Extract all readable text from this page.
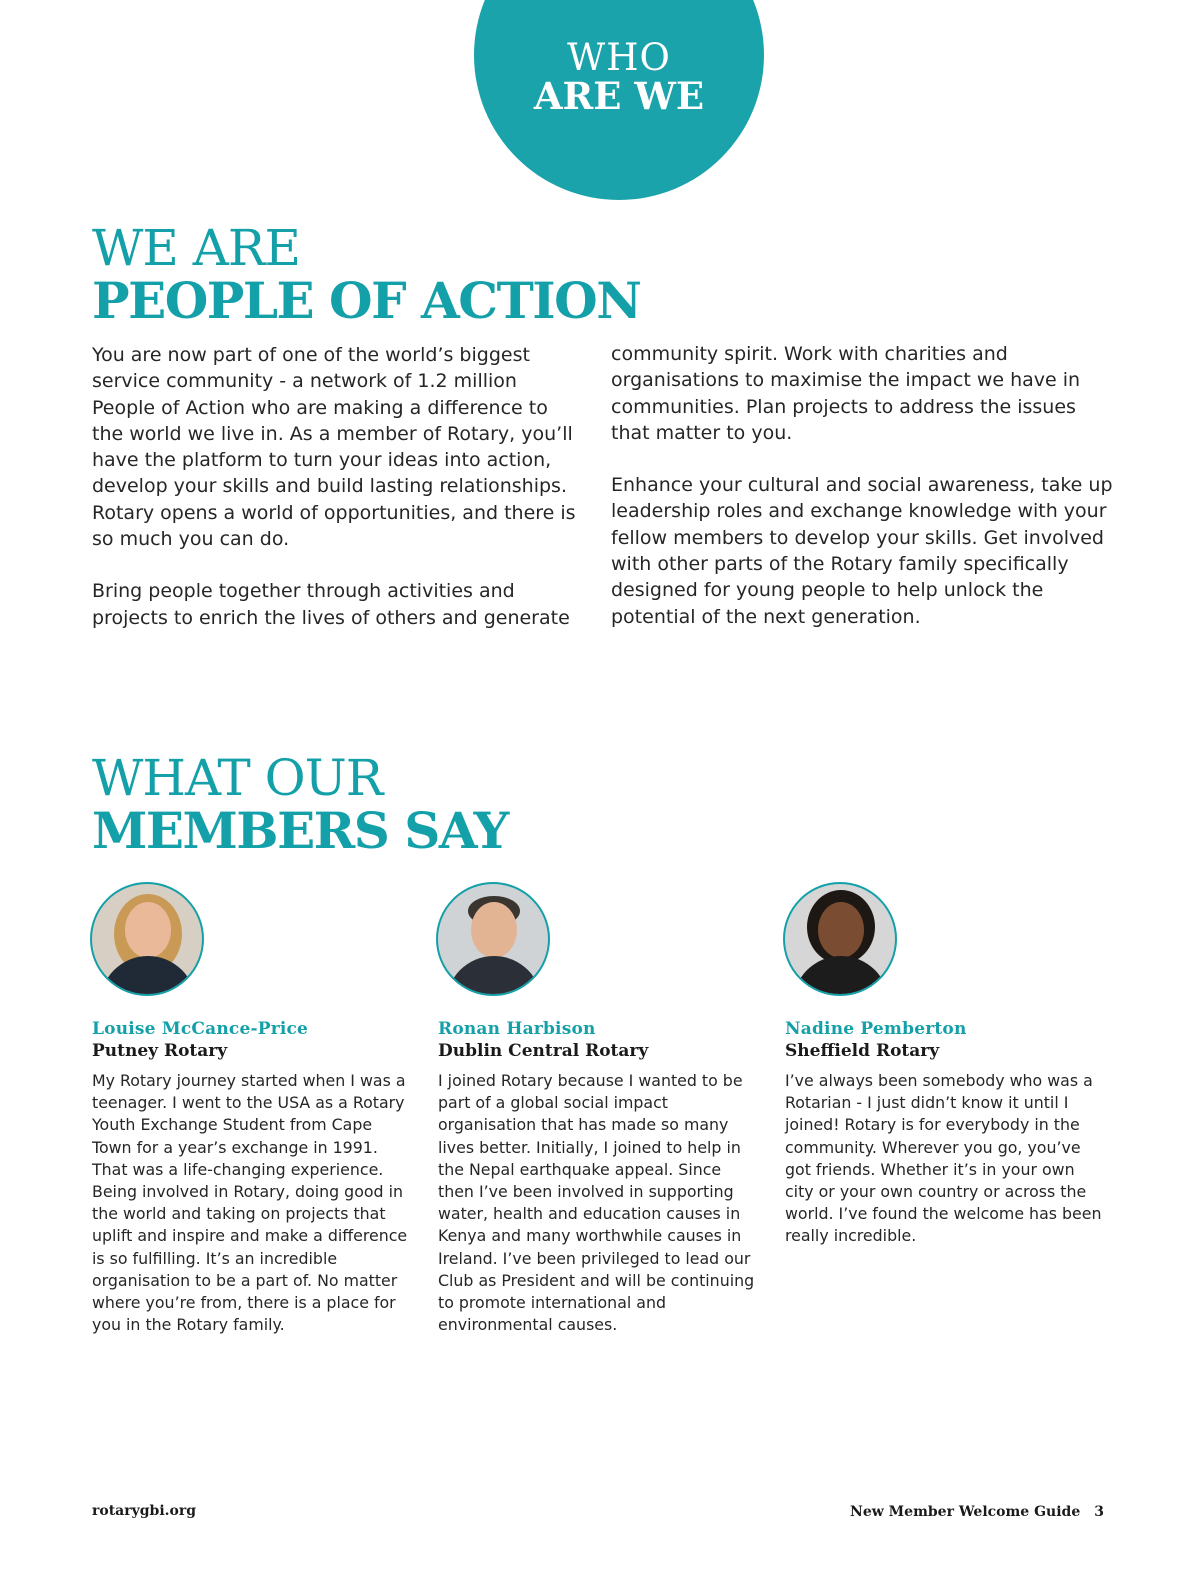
WHO
ARE WE
WE ARE
PEOPLE OF ACTION

You are now part of one of the world’s biggest service community - a network of 1.2 million People of Action who are making a difference to the world we live in. As a member of Rotary, you’ll have the platform to turn your ideas into action, develop your skills and build lasting relationships. Rotary opens a world of opportunities, and there is so much you can do.

Bring people together through activities and projects to enrich the lives of others and generate

community spirit. Work with charities and organisations to maximise the impact we have in communities. Plan projects to address the issues that matter to you.

Enhance your cultural and social awareness, take up leadership roles and exchange knowledge with your fellow members to develop your skills. Get involved with other parts of the Rotary family specifically designed for young people to help unlock the potential of the next generation.

WHAT OUR
MEMBERS SAY
Louise McCance-Price
Putney Rotary
My Rotary journey started when I was a teenager. I went to the USA as a Rotary Youth Exchange Student from Cape Town for a year’s exchange in 1991. That was a life-changing experience. Being involved in Rotary, doing good in the world and taking on projects that uplift and inspire and make a difference is so fulfilling. It’s an incredible organisation to be a part of. No matter where you’re from, there is a place for you in the Rotary family.
Ronan Harbison
Dublin Central Rotary
I joined Rotary because I wanted to be part of a global social impact organisation that has made so many lives better. Initially, I joined to help in the Nepal earthquake appeal. Since then I’ve been involved in supporting water, health and education causes in Kenya and many worthwhile causes in Ireland. I’ve been privileged to lead our Club as President and will be continuing to promote international and environmental causes.
Nadine Pemberton
Sheffield Rotary
I’ve always been somebody who was a Rotarian - I just didn’t know it until I joined! Rotary is for everybody in the community. Wherever you go, you’ve got friends. Whether it’s in your own city or your own country or across the world. I’ve found the welcome has been really incredible.
rotarygbi.org	New Member Welcome Guide 3
